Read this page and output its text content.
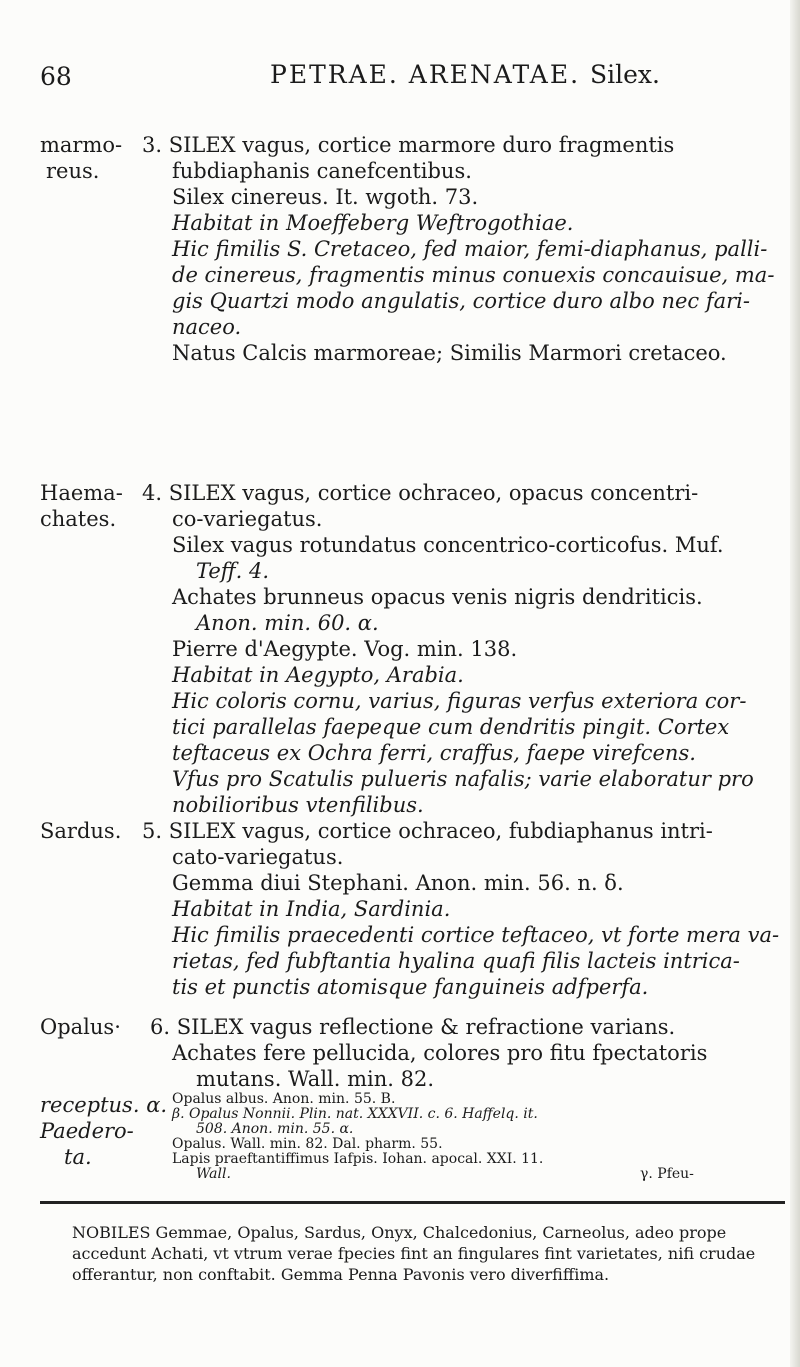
68	PETRAE. ARENATAE. Silex.
marmo-
reus.
Haema-
chates.
Sardus.
Opalus·
receptus. α.
Paedero-
ta.
3. SILEX vagus, cortice marmore duro fragmentis
fubdiaphanis canefcentibus.
Silex cinereus. It. wgoth. 73.
Habitat in Moeffeberg Weftrogothiae.
Hic fimilis S. Cretaceo, fed maior, femi-diaphanus, palli-
de cinereus, fragmentis minus conuexis concauisue, ma-
gis Quartzi modo angulatis, cortice duro albo nec fari-
naceo.
Natus Calcis marmoreae; Similis Marmori cretaceo.
4. SILEX vagus, cortice ochraceo, opacus concentri-
co-variegatus.
Silex vagus rotundatus concentrico-corticofus. Muf.
Teff. 4.
Achates brunneus opacus venis nigris dendriticis.
Anon. min. 60. α.
Pierre d'Aegypte. Vog. min. 138.
Habitat in Aegypto, Arabia.
Hic coloris cornu, varius, figuras verfus exteriora cor-
tici parallelas faepeque cum dendritis pingit. Cortex
teftaceus ex Ochra ferri, craffus, faepe virefcens.
Vfus pro Scatulis pulueris nafalis; varie elaboratur pro
nobilioribus vtenfilibus.
5. SILEX vagus, cortice ochraceo, fubdiaphanus intri-
cato-variegatus.
Gemma diui Stephani. Anon. min. 56. n. δ.
Habitat in India, Sardinia.
Hic fimilis praecedenti cortice teftaceo, vt forte mera va-
rietas, fed fubftantia hyalina quafi filis lacteis intrica-
tis et punctis atomisque fanguineis adfperfa.
6. SILEX vagus reflectione & refractione varians.
Achates fere pellucida, colores pro fitu fpectatoris
mutans. Wall. min. 82.
Opalus albus. Anon. min. 55. B.
β. Opalus Nonnii. Plin. nat. XXXVII. c. 6. Haffelq. it.
508. Anon. min. 55. α.
Opalus. Wall. min. 82. Dal. pharm. 55.
Lapis praeftantiffimus Iafpis. Iohan. apocal. XXI. 11.
Wall.	γ. Pfeu-
NOBILES Gemmae, Opalus, Sardus, Onyx, Chalcedonius, Carneolus, adeo prope accedunt Achati, vt vtrum verae fpecies fint an fingulares fint varietates, nifi crudae offerantur, non conftabit. Gemma Penna Pavonis vero diverfiffima.
